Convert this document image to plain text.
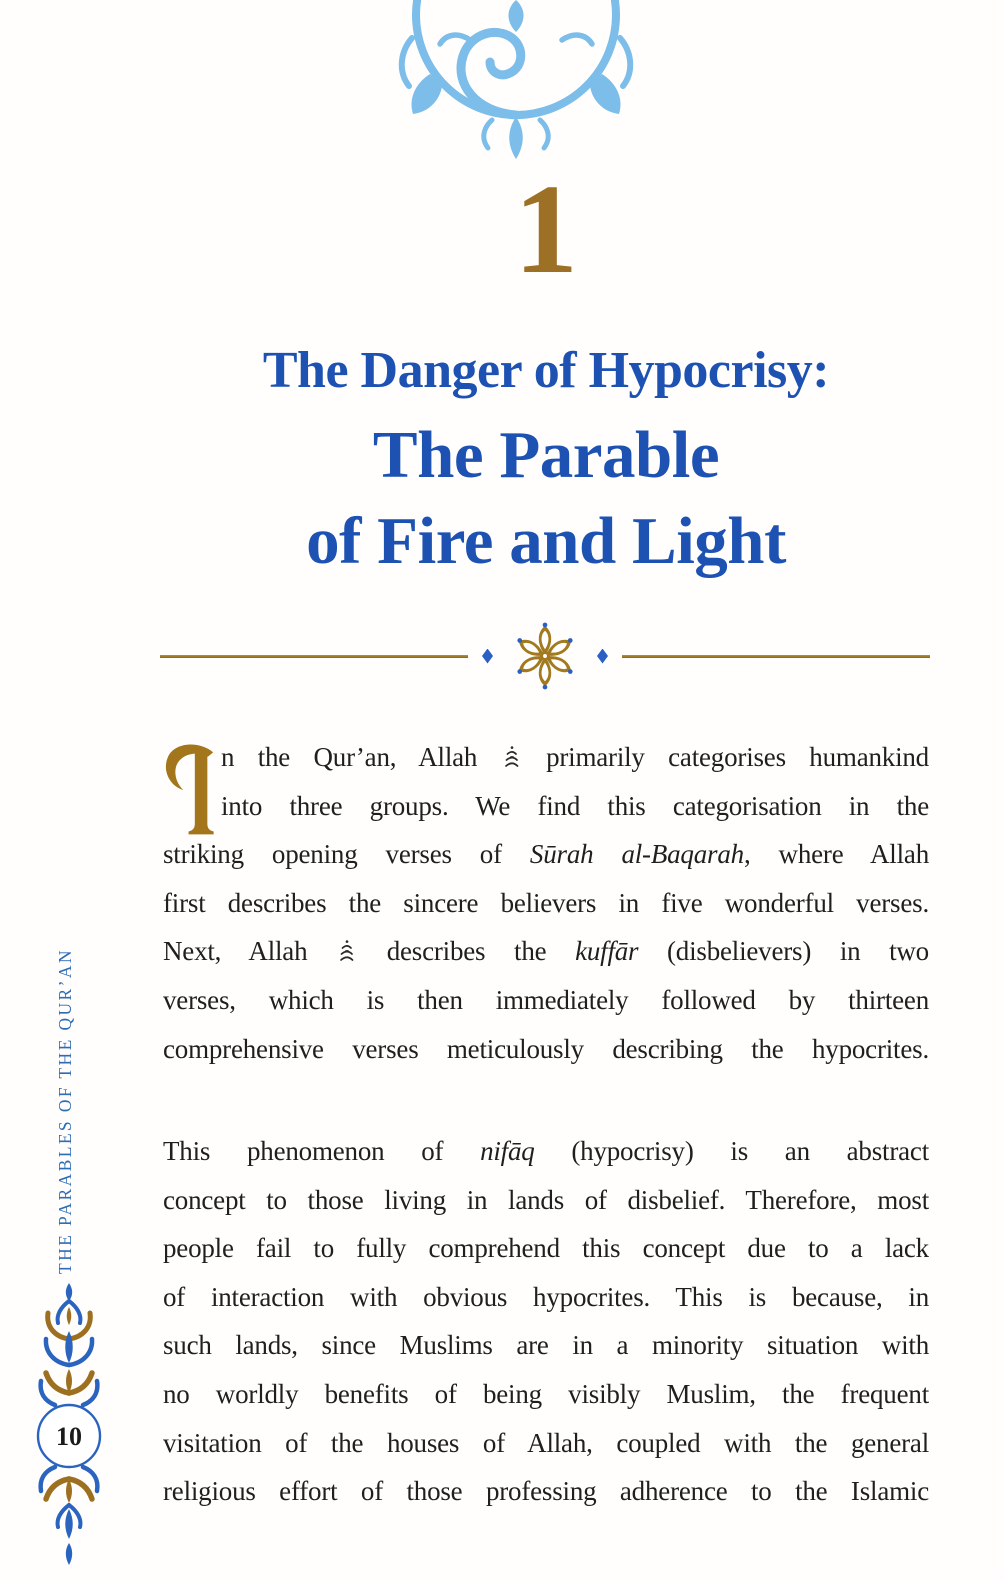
1
The Danger of Hypocrisy:
The Parable
of Fire and Light
n the Qur’an, Allah  primarily categorises humankind
into three groups. We find this categorisation in the
striking opening verses of Sūrah al-Baqarah, where Allah
first describes the sincere believers in five wonderful verses.
Next, Allah  describes the kuffār (disbelievers) in two
verses, which is then immediately followed by thirteen
comprehensive verses meticulously describing the hypocrites.
This phenomenon of nifāq (hypocrisy) is an abstract
concept to those living in lands of disbelief. Therefore, most
people fail to fully comprehend this concept due to a lack
of interaction with obvious hypocrites. This is because, in
such lands, since Muslims are in a minority situation with
no worldly benefits of being visibly Muslim, the frequent
visitation of the houses of Allah, coupled with the general
religious effort of those professing adherence to the Islamic
THE PARABLES OF THE QUR’AN
10
